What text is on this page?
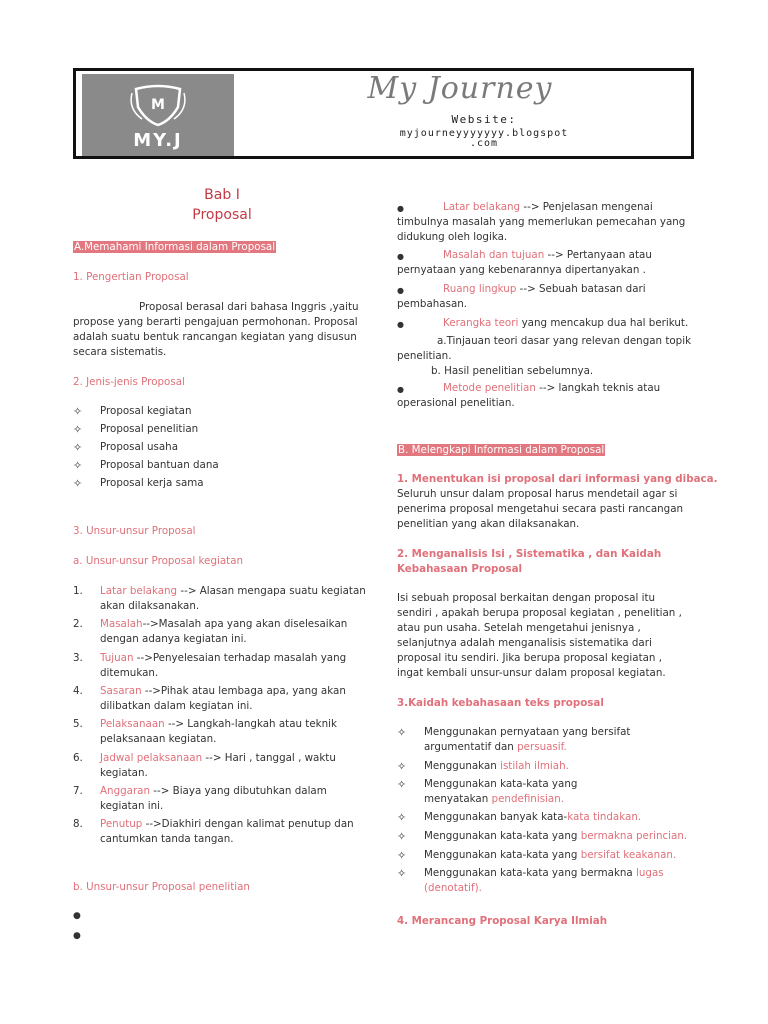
M
MY.J
My Journey
Website:
myjourneyyyyyyy.blogspot
.com
Bab I
Proposal
A.Memahami Informasi dalam Proposal
1. Pengertian Proposal
Proposal berasal dari bahasa Inggris ,yaitu
propose yang berarti pengajuan permohonan. Proposal
adalah suatu bentuk rancangan kegiatan yang disusun
secara sistematis.
2. Jenis-jenis Proposal
✧ Proposal kegiatan
✧ Proposal penelitian
✧ Proposal usaha
✧ Proposal bantuan dana
✧ Proposal kerja sama
3. Unsur-unsur Proposal
a. Unsur-unsur Proposal kegiatan
1. Latar belakang --> Alasan mengapa suatu kegiatan
akan dilaksanakan.
2. Masalah-->Masalah apa yang akan diselesaikan
dengan adanya kegiatan ini.
3. Tujuan -->Penyelesaian terhadap masalah yang
ditemukan.
4. Sasaran -->Pihak atau lembaga apa, yang akan
dilibatkan dalam kegiatan ini.
5. Pelaksanaan --> Langkah-langkah atau teknik
pelaksanaan kegiatan.
6. Jadwal pelaksanaan --> Hari , tanggal , waktu
kegiatan.
7. Anggaran --> Biaya yang dibutuhkan dalam
kegiatan ini.
8. Penutup -->Diakhiri dengan kalimat penutup dan
cantumkan tanda tangan.
b. Unsur-unsur Proposal penelitian
●
●
●	Latar belakang --> Penjelasan mengenai
timbulnya masalah yang memerlukan pemecahan yang
didukung oleh logika.
●	Masalah dan tujuan --> Pertanyaan atau
pernyataan yang kebenarannya dipertanyakan .
●	Ruang lingkup --> Sebuah batasan dari
pembahasan.
●	Kerangka teori yang mencakup dua hal berikut.
a.Tinjauan teori dasar yang relevan dengan topik
penelitian.
b. Hasil penelitian sebelumnya.
●	Metode penelitian --> langkah teknis atau
operasional penelitian.
B. Melengkapi Informasi dalam Proposal
1. Menentukan isi proposal dari informasi yang dibaca.
Seluruh unsur dalam proposal harus mendetail agar si
penerima proposal mengetahui secara pasti rancangan
penelitian yang akan dilaksanakan.
2. Menganalisis Isi , Sistematika , dan Kaidah
Kebahasaan Proposal
Isi sebuah proposal berkaitan dengan proposal itu
sendiri , apakah berupa proposal kegiatan , penelitian ,
atau pun usaha. Setelah mengetahui jenisnya ,
selanjutnya adalah menganalisis sistematika dari
proposal itu sendiri. Jika berupa proposal kegiatan ,
ingat kembali unsur-unsur dalam proposal kegiatan.
3.Kaidah kebahasaan teks proposal
✧ Menggunakan pernyataan yang bersifat
argumentatif dan persuasif.
✧ Menggunakan istilah ilmiah.
✧ Menggunakan kata-kata yang
menyatakan pendefinisian.
✧ Menggunakan banyak kata-kata tindakan.
✧ Menggunakan kata-kata yang bermakna perincian.
✧ Menggunakan kata-kata yang bersifat keakanan.
✧ Menggunakan kata-kata yang bermakna lugas
(denotatif).
4. Merancang Proposal Karya Ilmiah
